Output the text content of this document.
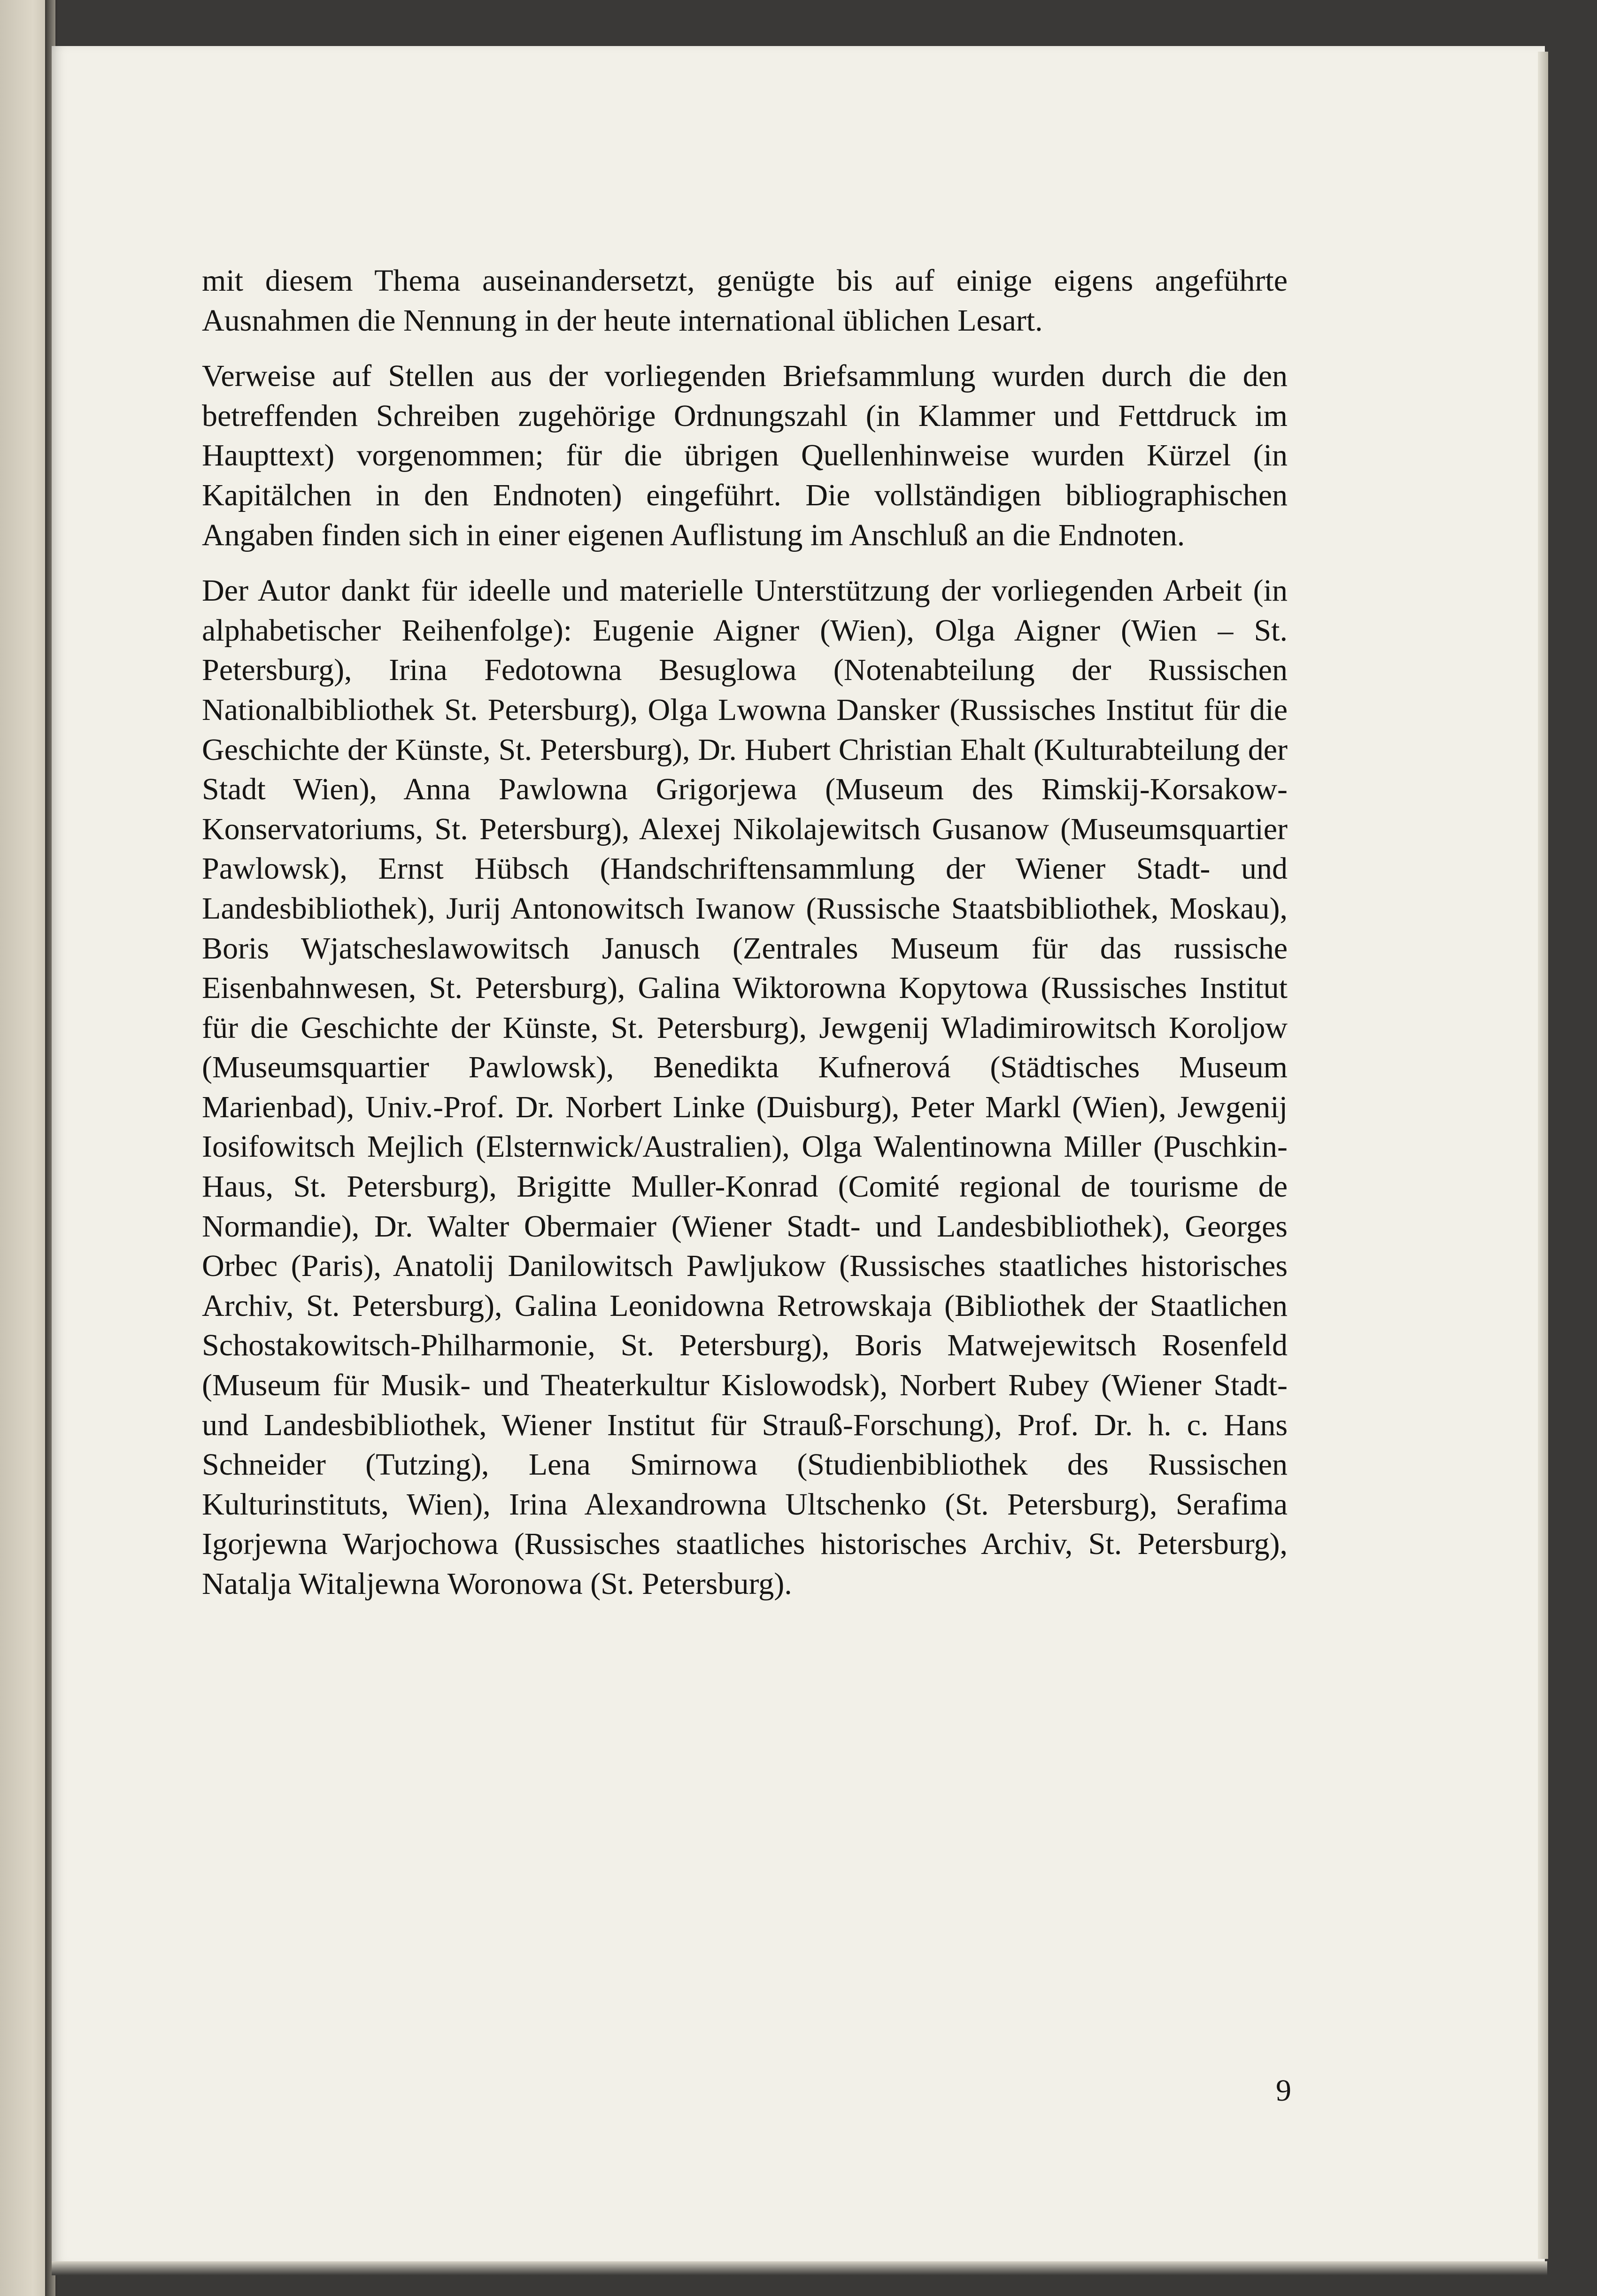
mit diesem Thema auseinandersetzt, genügte bis auf einige eigens angeführte Ausnahmen die Nennung in der heute international üblichen Lesart.

Verweise auf Stellen aus der vorliegenden Briefsammlung wurden durch die den betreffenden Schreiben zugehörige Ordnungszahl (in Klammer und Fettdruck im Haupttext) vorgenommen; für die übrigen Quellenhinweise wurden Kürzel (in Kapitälchen in den Endnoten) eingeführt. Die vollständigen bibliographischen Angaben finden sich in einer eigenen Auflistung im Anschluß an die Endnoten.

Der Autor dankt für ideelle und materielle Unterstützung der vorliegenden Arbeit (in alphabetischer Reihenfolge): Eugenie Aigner (Wien), Olga Aigner (Wien – St. Petersburg), Irina Fedotowna Besuglowa (Notenabteilung der Russischen Nationalbibliothek St. Petersburg), Olga Lwowna Dansker (Russisches Institut für die Geschichte der Künste, St. Petersburg), Dr. Hubert Christian Ehalt (Kulturabteilung der Stadt Wien), Anna Pawlowna Grigorjewa (Museum des Rimskij-Korsakow-Konservatoriums, St. Petersburg), Alexej Nikolajewitsch Gusanow (Museumsquartier Pawlowsk), Ernst Hübsch (Handschriftensammlung der Wiener Stadt- und Landesbibliothek), Jurij Antonowitsch Iwanow (Russische Staatsbibliothek, Moskau), Boris Wjatscheslawowitsch Janusch (Zentrales Museum für das russische Eisenbahnwesen, St. Petersburg), Galina Wiktorowna Kopytowa (Russisches Institut für die Geschichte der Künste, St. Petersburg), Jewgenij Wladimirowitsch Koroljow (Museumsquartier Pawlowsk), Benedikta Kufnerová (Städtisches Museum Marienbad), Univ.-Prof. Dr. Norbert Linke (Duisburg), Peter Markl (Wien), Jewgenij Iosifowitsch Mejlich (Elsternwick/Australien), Olga Walentinowna Miller (Puschkin-Haus, St. Petersburg), Brigitte Muller-Konrad (Comité regional de tourisme de Normandie), Dr. Walter Obermaier (Wiener Stadt- und Landesbibliothek), Georges Orbec (Paris), Anatolij Danilowitsch Pawljukow (Russisches staatliches historisches Archiv, St. Petersburg), Galina Leonidowna Retrowskaja (Bibliothek der Staatlichen Schostakowitsch-Philharmonie, St. Petersburg), Boris Matwejewitsch Rosenfeld (Museum für Musik- und Theaterkultur Kislowodsk), Norbert Rubey (Wiener Stadt- und Landesbibliothek, Wiener Institut für Strauß-Forschung), Prof. Dr. h. c. Hans Schneider (Tutzing), Lena Smirnowa (Studienbibliothek des Russischen Kulturinstituts, Wien), Irina Alexandrowna Ultschenko (St. Petersburg), Serafima Igorjewna Warjochowa (Russisches staatliches historisches Archiv, St. Petersburg), Natalja Witaljewna Woronowa (St. Petersburg).

9
